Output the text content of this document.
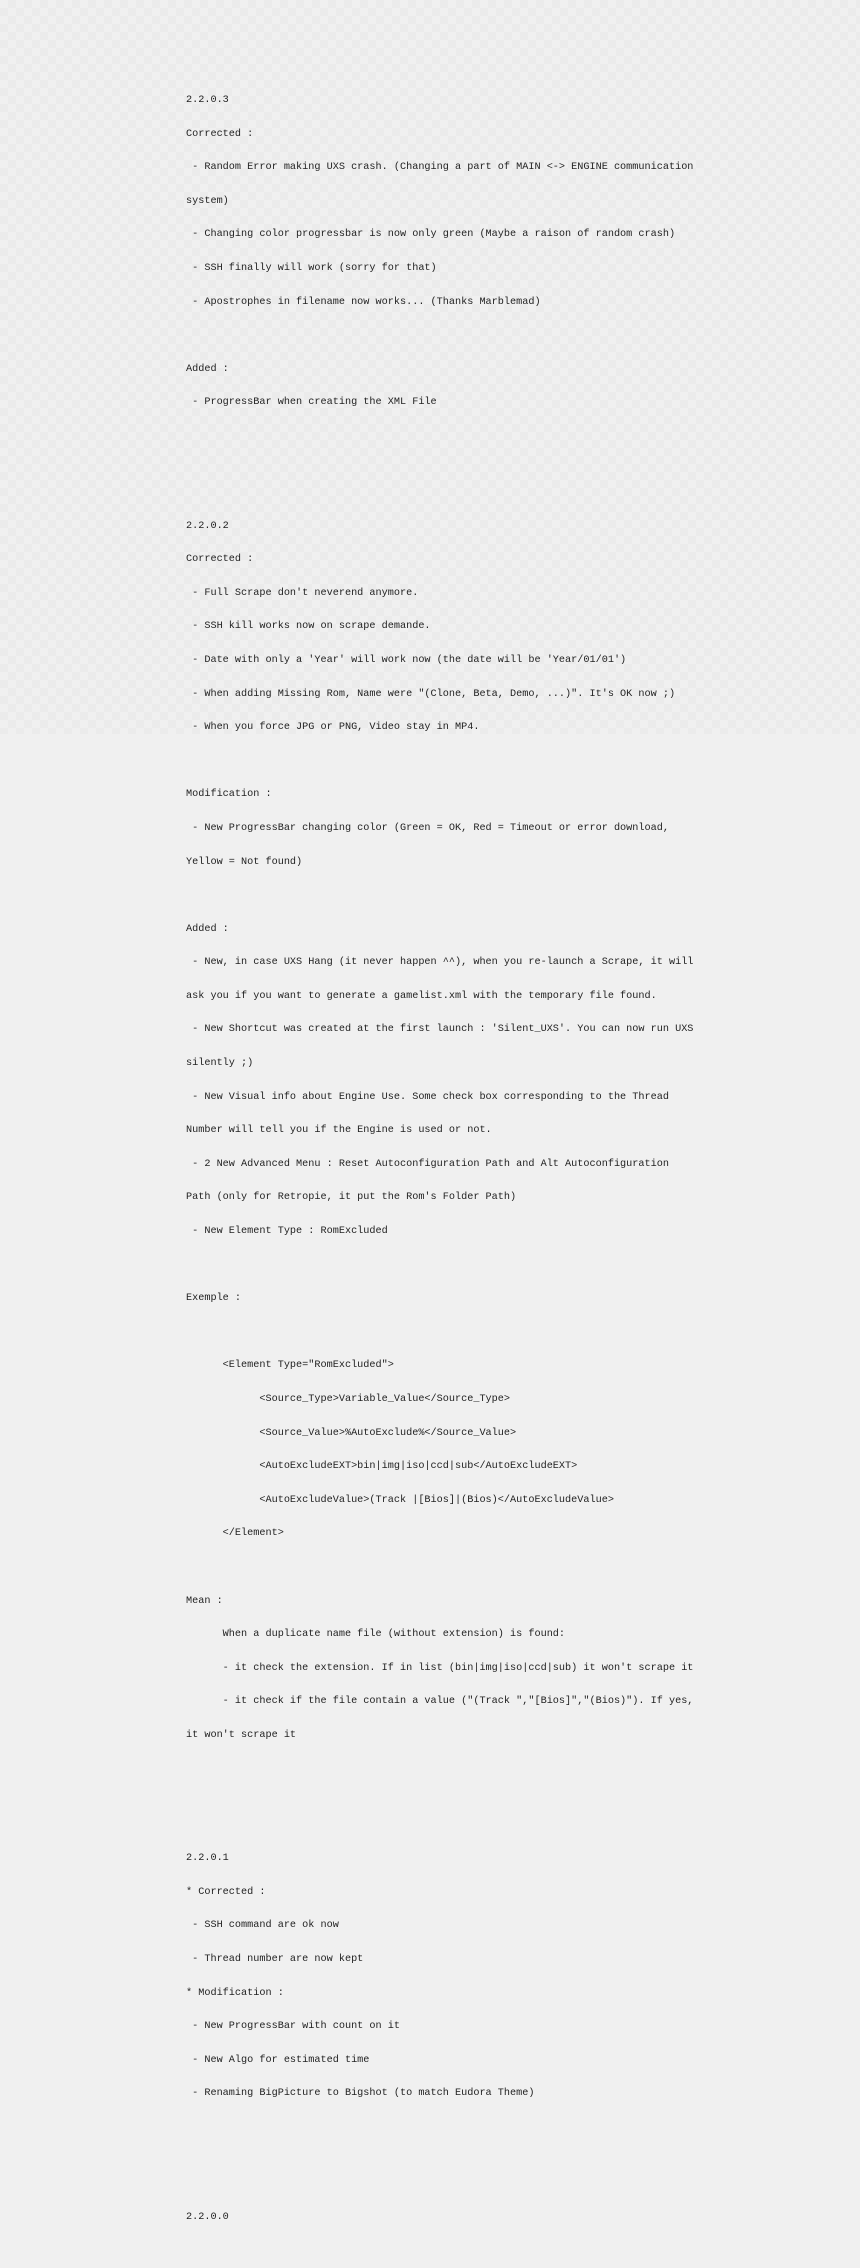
2.2.0.3

Corrected :

- Random Error making UXS crash. (Changing a part of MAIN <-> ENGINE communication

system)

- Changing color progressbar is now only green (Maybe a raison of random crash)

- SSH finally will work (sorry for that)

- Apostrophes in filename now works... (Thanks Marblemad)

Added :

- ProgressBar when creating the XML File

2.2.0.2

Corrected :

- Full Scrape don't neverend anymore.

- SSH kill works now on scrape demande.

- Date with only a 'Year' will work now (the date will be 'Year/01/01')

- When adding Missing Rom, Name were "(Clone, Beta, Demo, ...)". It's OK now ;)

- When you force JPG or PNG, Video stay in MP4.

Modification :

- New ProgressBar changing color (Green = OK, Red = Timeout or error download,

Yellow = Not found)

Added :

- New, in case UXS Hang (it never happen ^^), when you re-launch a Scrape, it will

ask you if you want to generate a gamelist.xml with the temporary file found.

- New Shortcut was created at the first launch : 'Silent_UXS'. You can now run UXS

silently ;)

- New Visual info about Engine Use. Some check box corresponding to the Thread

Number will tell you if the Engine is used or not.

- 2 New Advanced Menu : Reset Autoconfiguration Path and Alt Autoconfiguration

Path (only for Retropie, it put the Rom's Folder Path)

- New Element Type : RomExcluded

Exemple :

<Element Type="RomExcluded">

<Source_Type>Variable_Value</Source_Type>

<Source_Value>%AutoExclude%</Source_Value>

<AutoExcludeEXT>bin|img|iso|ccd|sub</AutoExcludeEXT>

<AutoExcludeValue>(Track |[Bios]|(Bios)</AutoExcludeValue>

</Element>

Mean :

When a duplicate name file (without extension) is found:

- it check the extension. If in list (bin|img|iso|ccd|sub) it won't scrape it

- it check if the file contain a value ("(Track ","[Bios]","(Bios)"). If yes,

it won't scrape it

2.2.0.1

* Corrected :

- SSH command are ok now

- Thread number are now kept

* Modification :

- New ProgressBar with count on it

- New Algo for estimated time

- Renaming BigPicture to Bigshot (to match Eudora Theme)

2.2.0.0
